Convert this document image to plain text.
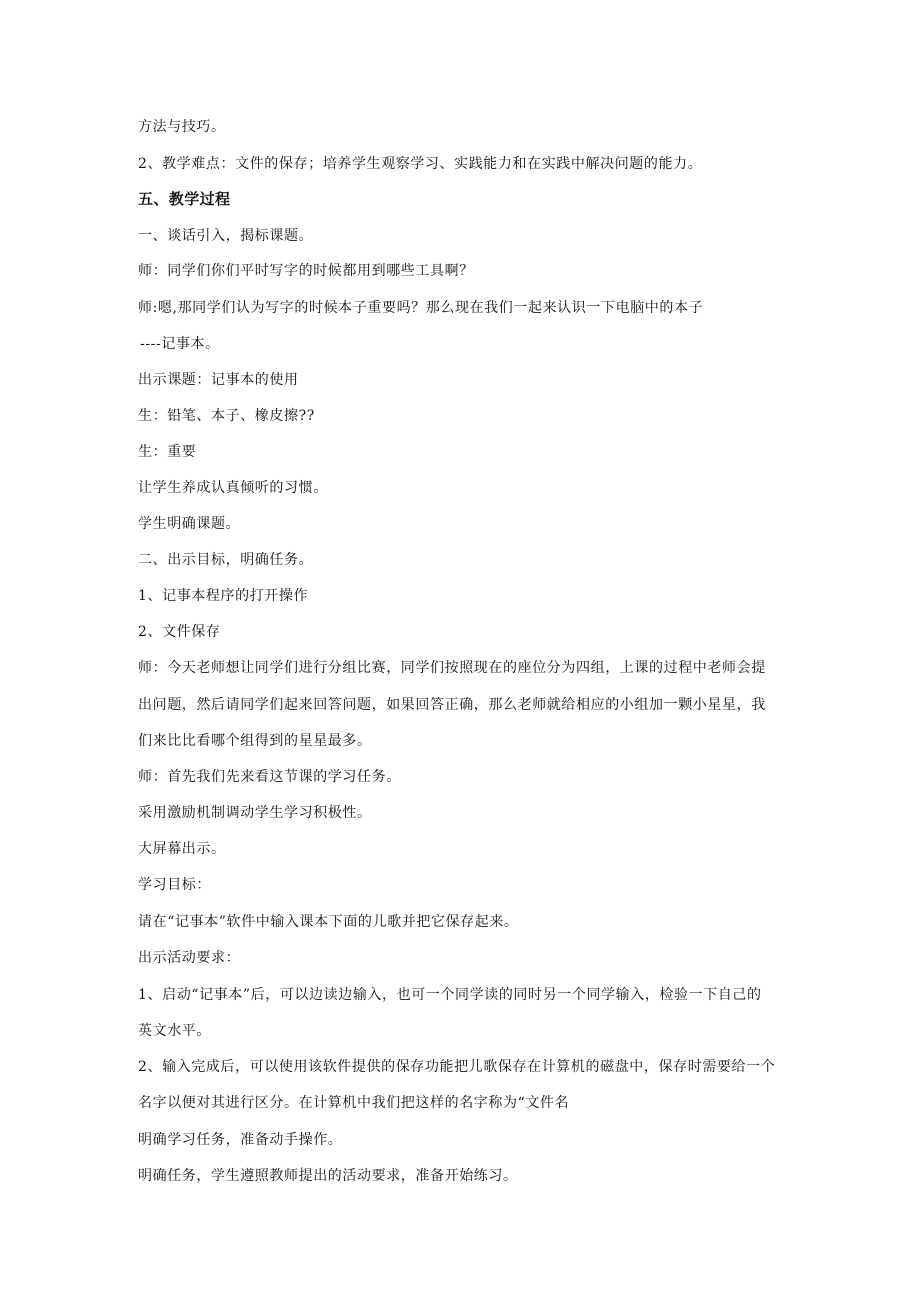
方法与技巧。
2、教学难点：文件的保存；培养学生观察学习、实践能力和在实践中解决问题的能力。
五、教学过程
一、谈话引入，揭标课题。
师：同学们你们平时写字的时候都用到哪些工具啊？
师:嗯,那同学们认为写字的时候本子重要吗？那么现在我们一起来认识一下电脑中的本子
----记事本。
出示课题：记事本的使用
生：铅笔、本子、橡皮擦??
生：重要
让学生养成认真倾听的习惯。
学生明确课题。
二、出示目标，明确任务。
1、记事本程序的打开操作
2、文件保存
师：今天老师想让同学们进行分组比赛，同学们按照现在的座位分为四组，上课的过程中老师会提
出问题，然后请同学们起来回答问题，如果回答正确，那么老师就给相应的小组加一颗小星星，我
们来比比看哪个组得到的星星最多。
师：首先我们先来看这节课的学习任务。
采用激励机制调动学生学习积极性。
大屏幕出示。
学习目标：
请在“记事本”软件中输入课本下面的儿歌并把它保存起来。
出示活动要求：
1、启动“记事本”后，可以边读边输入，也可一个同学读的同时另一个同学输入，检验一下自己的
英文水平。
2、输入完成后，可以使用该软件提供的保存功能把儿歌保存在计算机的磁盘中，保存时需要给一个
名字以便对其进行区分。在计算机中我们把这样的名字称为“文件名
明确学习任务，准备动手操作。
明确任务，学生遵照教师提出的活动要求，准备开始练习。
